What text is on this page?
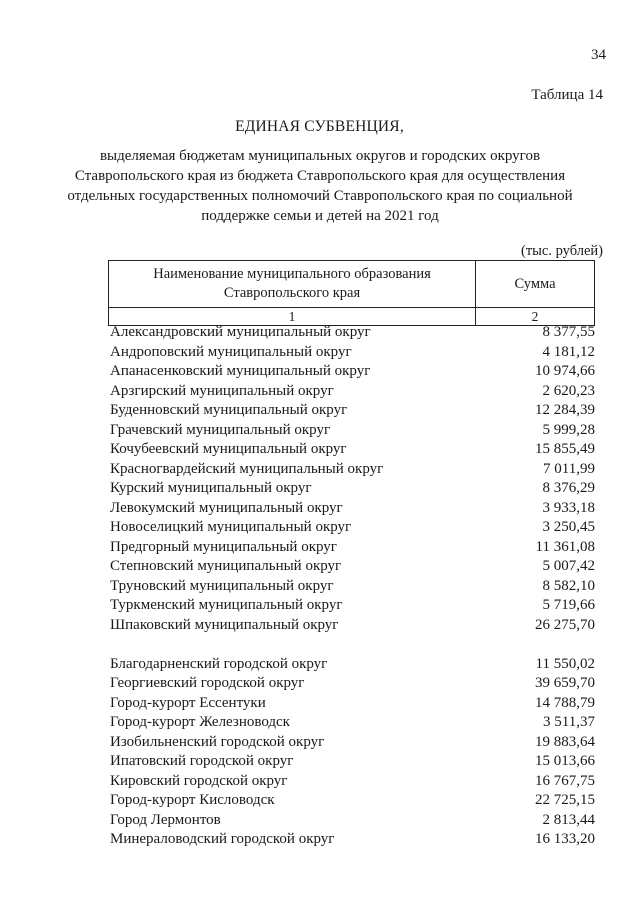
34
Таблица 14
ЕДИНАЯ СУБВЕНЦИЯ,
выделяемая бюджетам муниципальных округов и городских округов Ставропольского края из бюджета Ставропольского края для осуществления отдельных государственных полномочий Ставропольского края по социальной поддержке семьи и детей на 2021 год
(тыс. рублей)
Наименование муниципального образования Ставропольского края
Сумма
1	2
Александровский муниципальный округ	8 377,55
Андроповский муниципальный округ	4 181,12
Апанасенковский муниципальный округ	10 974,66
Арзгирский муниципальный округ	2 620,23
Буденновский муниципальный округ	12 284,39
Грачевский муниципальный округ	5 999,28
Кочубеевский муниципальный округ	15 855,49
Красногвардейский муниципальный округ	7 011,99
Курский муниципальный округ	8 376,29
Левокумский муниципальный округ	3 933,18
Новоселицкий муниципальный округ	3 250,45
Предгорный муниципальный округ	11 361,08
Степновский муниципальный округ	5 007,42
Труновский муниципальный округ	8 582,10
Туркменский муниципальный округ	5 719,66
Шпаковский муниципальный округ	26 275,70
Благодарненский городской округ	11 550,02
Георгиевский городской округ	39 659,70
Город-курорт Ессентуки	14 788,79
Город-курорт Железноводск	3 511,37
Изобильненский городской округ	19 883,64
Ипатовский городской округ	15 013,66
Кировский городской округ	16 767,75
Город-курорт Кисловодск	22 725,15
Город Лермонтов	2 813,44
Минераловодский городской округ	16 133,20
